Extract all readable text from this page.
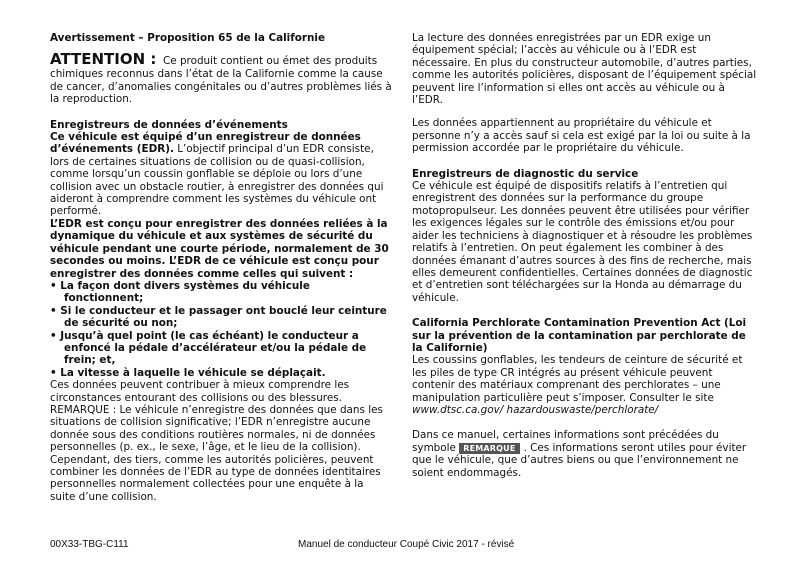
Avertissement – Proposition 65 de la Californie

ATTENTION : Ce produit contient ou émet des produits chimiques reconnus dans l’état de la Californie comme la cause de cancer, d’anomalies congénitales ou d’autres problèmes liés à la reproduction.

Enregistreurs de données d’événements

Ce véhicule est équipé d’un enregistreur de données d’événements (EDR). L’objectif principal d’un EDR consiste, lors de certaines situations de collision ou de quasi-collision, comme lorsqu’un coussin gonflable se déploie ou lors d’une collision avec un obstacle routier, à enregistrer des données qui aideront à comprendre comment les systèmes du véhicule ont performé.

L’EDR est conçu pour enregistrer des données reliées à la dynamique du véhicule et aux systèmes de sécurité du véhicule pendant une courte période, normalement de 30 secondes ou moins. L’EDR de ce véhicule est conçu pour enregistrer des données comme celles qui suivent :

• La façon dont divers systèmes du véhicule fonctionnent;

• Si le conducteur et le passager ont bouclé leur ceinture de sécurité ou non;

• Jusqu’à quel point (le cas échéant) le conducteur a enfoncé la pédale d’accélérateur et/ou la pédale de frein; et,

• La vitesse à laquelle le véhicule se déplaçait.

Ces données peuvent contribuer à mieux comprendre les circonstances entourant des collisions ou des blessures. REMARQUE : Le véhicule n’enregistre des données que dans les situations de collision significative; l’EDR n’enregistre aucune donnée sous des conditions routières normales, ni de données personnelles (p. ex., le sexe, l’âge, et le lieu de la collision). Cependant, des tiers, comme les autorités policières, peuvent combiner les données de l’EDR au type de données identitaires personnelles normalement collectées pour une enquête à la suite d’une collision.

La lecture des données enregistrées par un EDR exige un équipement spécial; l’accès au véhicule ou à l’EDR est nécessaire. En plus du constructeur automobile, d’autres parties, comme les autorités policières, disposant de l’équipement spécial peuvent lire l’information si elles ont accès au véhicule ou à l’EDR.

Les données appartiennent au propriétaire du véhicule et personne n’y a accès sauf si cela est exigé par la loi ou suite à la permission accordée par le propriétaire du véhicule.

Enregistreurs de diagnostic du service

Ce véhicule est équipé de dispositifs relatifs à l’entretien qui enregistrent des données sur la performance du groupe motopropulseur. Les données peuvent être utilisées pour vérifier les exigences légales sur le contrôle des émissions et/ou pour aider les techniciens à diagnostiquer et à résoudre les problèmes relatifs à l’entretien. On peut également les combiner à des données émanant d’autres sources à des fins de recherche, mais elles demeurent confidentielles. Certaines données de diagnostic et d’entretien sont téléchargées sur la Honda au démarrage du véhicule.

California Perchlorate Contamination Prevention Act (Loi sur la prévention de la contamination par perchlorate de la Californie)

Les coussins gonflables, les tendeurs de ceinture de sécurité et les piles de type CR intégrés au présent véhicule peuvent contenir des matériaux comprenant des perchlorates – une manipulation particulière peut s’imposer. Consulter le site www.dtsc.ca.gov/ hazardouswaste/perchlorate/

Dans ce manuel, certaines informations sont précédées du symbole REMARQUE . Ces informations seront utiles pour éviter que le véhicule, que d’autres biens ou que l’environnement ne soient endommagés.

00X33-TBG-C111	Manuel de conducteur Coupé Civic 2017 - révisé
